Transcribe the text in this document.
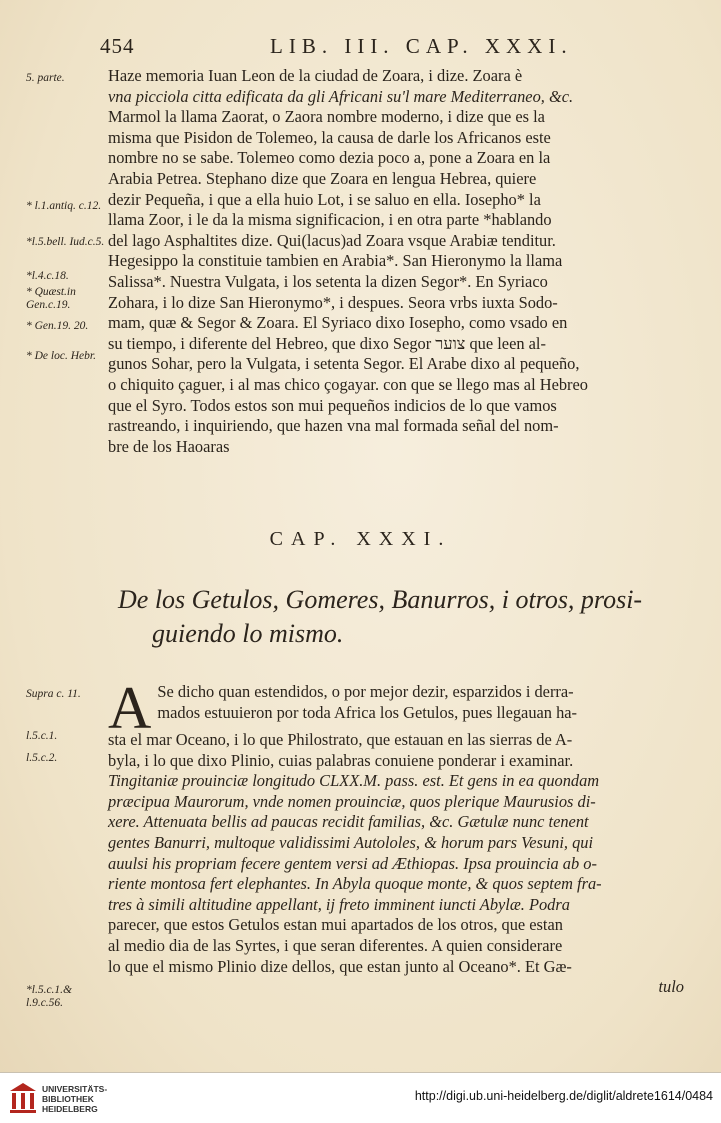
454	LIB. III. CAP. XXXI.
5. parte.
* l.1.antiq. c.12.
*l.5.bell. Iud.c.5.
*l.4.c.18.
* Quæst.in Gen.c.19.
* Gen.19. 20.
* De loc. Hebr.
Supra c. 11.
l.5.c.1.
l.5.c.2.
*l.5.c.1.& l.9.c.56.

Haze memoria Iuan Leon de la ciudad de Zoara, i dize. Zoara è

vna picciola citta edificata da gli Africani su'l mare Mediterraneo, &c.

Marmol la llama Zaorat, o Zaora nombre moderno, i dize que es la

misma que Pisidon de Tolemeo, la causa de darle los Africanos este

nombre no se sabe. Tolemeo como dezia poco a, pone a Zoara en la

Arabia Petrea. Stephano dize que Zoara en lengua Hebrea, quiere

dezir Pequeña, i que a ella huio Lot, i se saluo en ella. Iosepho* la

llama Zoor, i le da la misma significacion, i en otra parte *hablando

del lago Asphaltites dize. Qui(lacus)ad Zoara vsque Arabiæ tenditur.

Hegesippo la constituie tambien en Arabia*. San Hieronymo la llama

Salissa*. Nuestra Vulgata, i los setenta la dizen Segor*. En Syriaco

Zohara, i lo dize San Hieronymo*, i despues. Seora vrbs iuxta Sodo-

mam, quæ & Segor & Zoara. El Syriaco dixo Iosepho, como vsado en

su tiempo, i diferente del Hebreo, que dixo Segor צוער que leen al-

gunos Sohar, pero la Vulgata, i setenta Segor. El Arabe dixo al pequeño,

o chiquito çaguer, i al mas chico çogayar. con que se llego mas al Hebreo

que el Syro. Todos estos son mui pequeños indicios de lo que vamos

rastreando, i inquiriendo, que hazen vna mal formada señal del nom-

bre de los Haoaras

CAP. XXXI.
De los Getulos, Gomeres, Banurros, i otros, prosi-
guiendo lo mismo.
A Se dicho quan estendidos, o por mejor dezir, esparzidos i derra-

mados estuuieron por toda Africa los Getulos, pues llegauan ha-

sta el mar Oceano, i lo que Philostrato, que estauan en las sierras de A-

byla, i lo que dixo Plinio, cuias palabras conuiene ponderar i examinar.

Tingitaniæ prouinciæ longitudo CLXX.M. pass. est. Et gens in ea quondam

præcipua Maurorum, vnde nomen prouinciæ, quos plerique Maurusios di-

xere. Attenuata bellis ad paucas recidit familias, &c. Gætulæ nunc tenent

gentes Banurri, multoque validissimi Autololes, & horum pars Vesuni, qui

auulsi his propriam fecere gentem versi ad Æthiopas. Ipsa prouincia ab o-

riente montosa fert elephantes. In Abyla quoque monte, & quos septem fra-

tres à simili altitudine appellant, ij freto imminent iuncti Abylæ. Podra

parecer, que estos Getulos estan mui apartados de los otros, que estan

al medio dia de las Syrtes, i que seran diferentes. A quien considerare

lo que el mismo Plinio dize dellos, que estan junto al Oceano*. Et Gæ-

tulo

UNIVERSITÄTS-
BIBLIOTHEK
HEIDELBERG
http://digi.ub.uni-heidelberg.de/diglit/aldrete1614/0484
